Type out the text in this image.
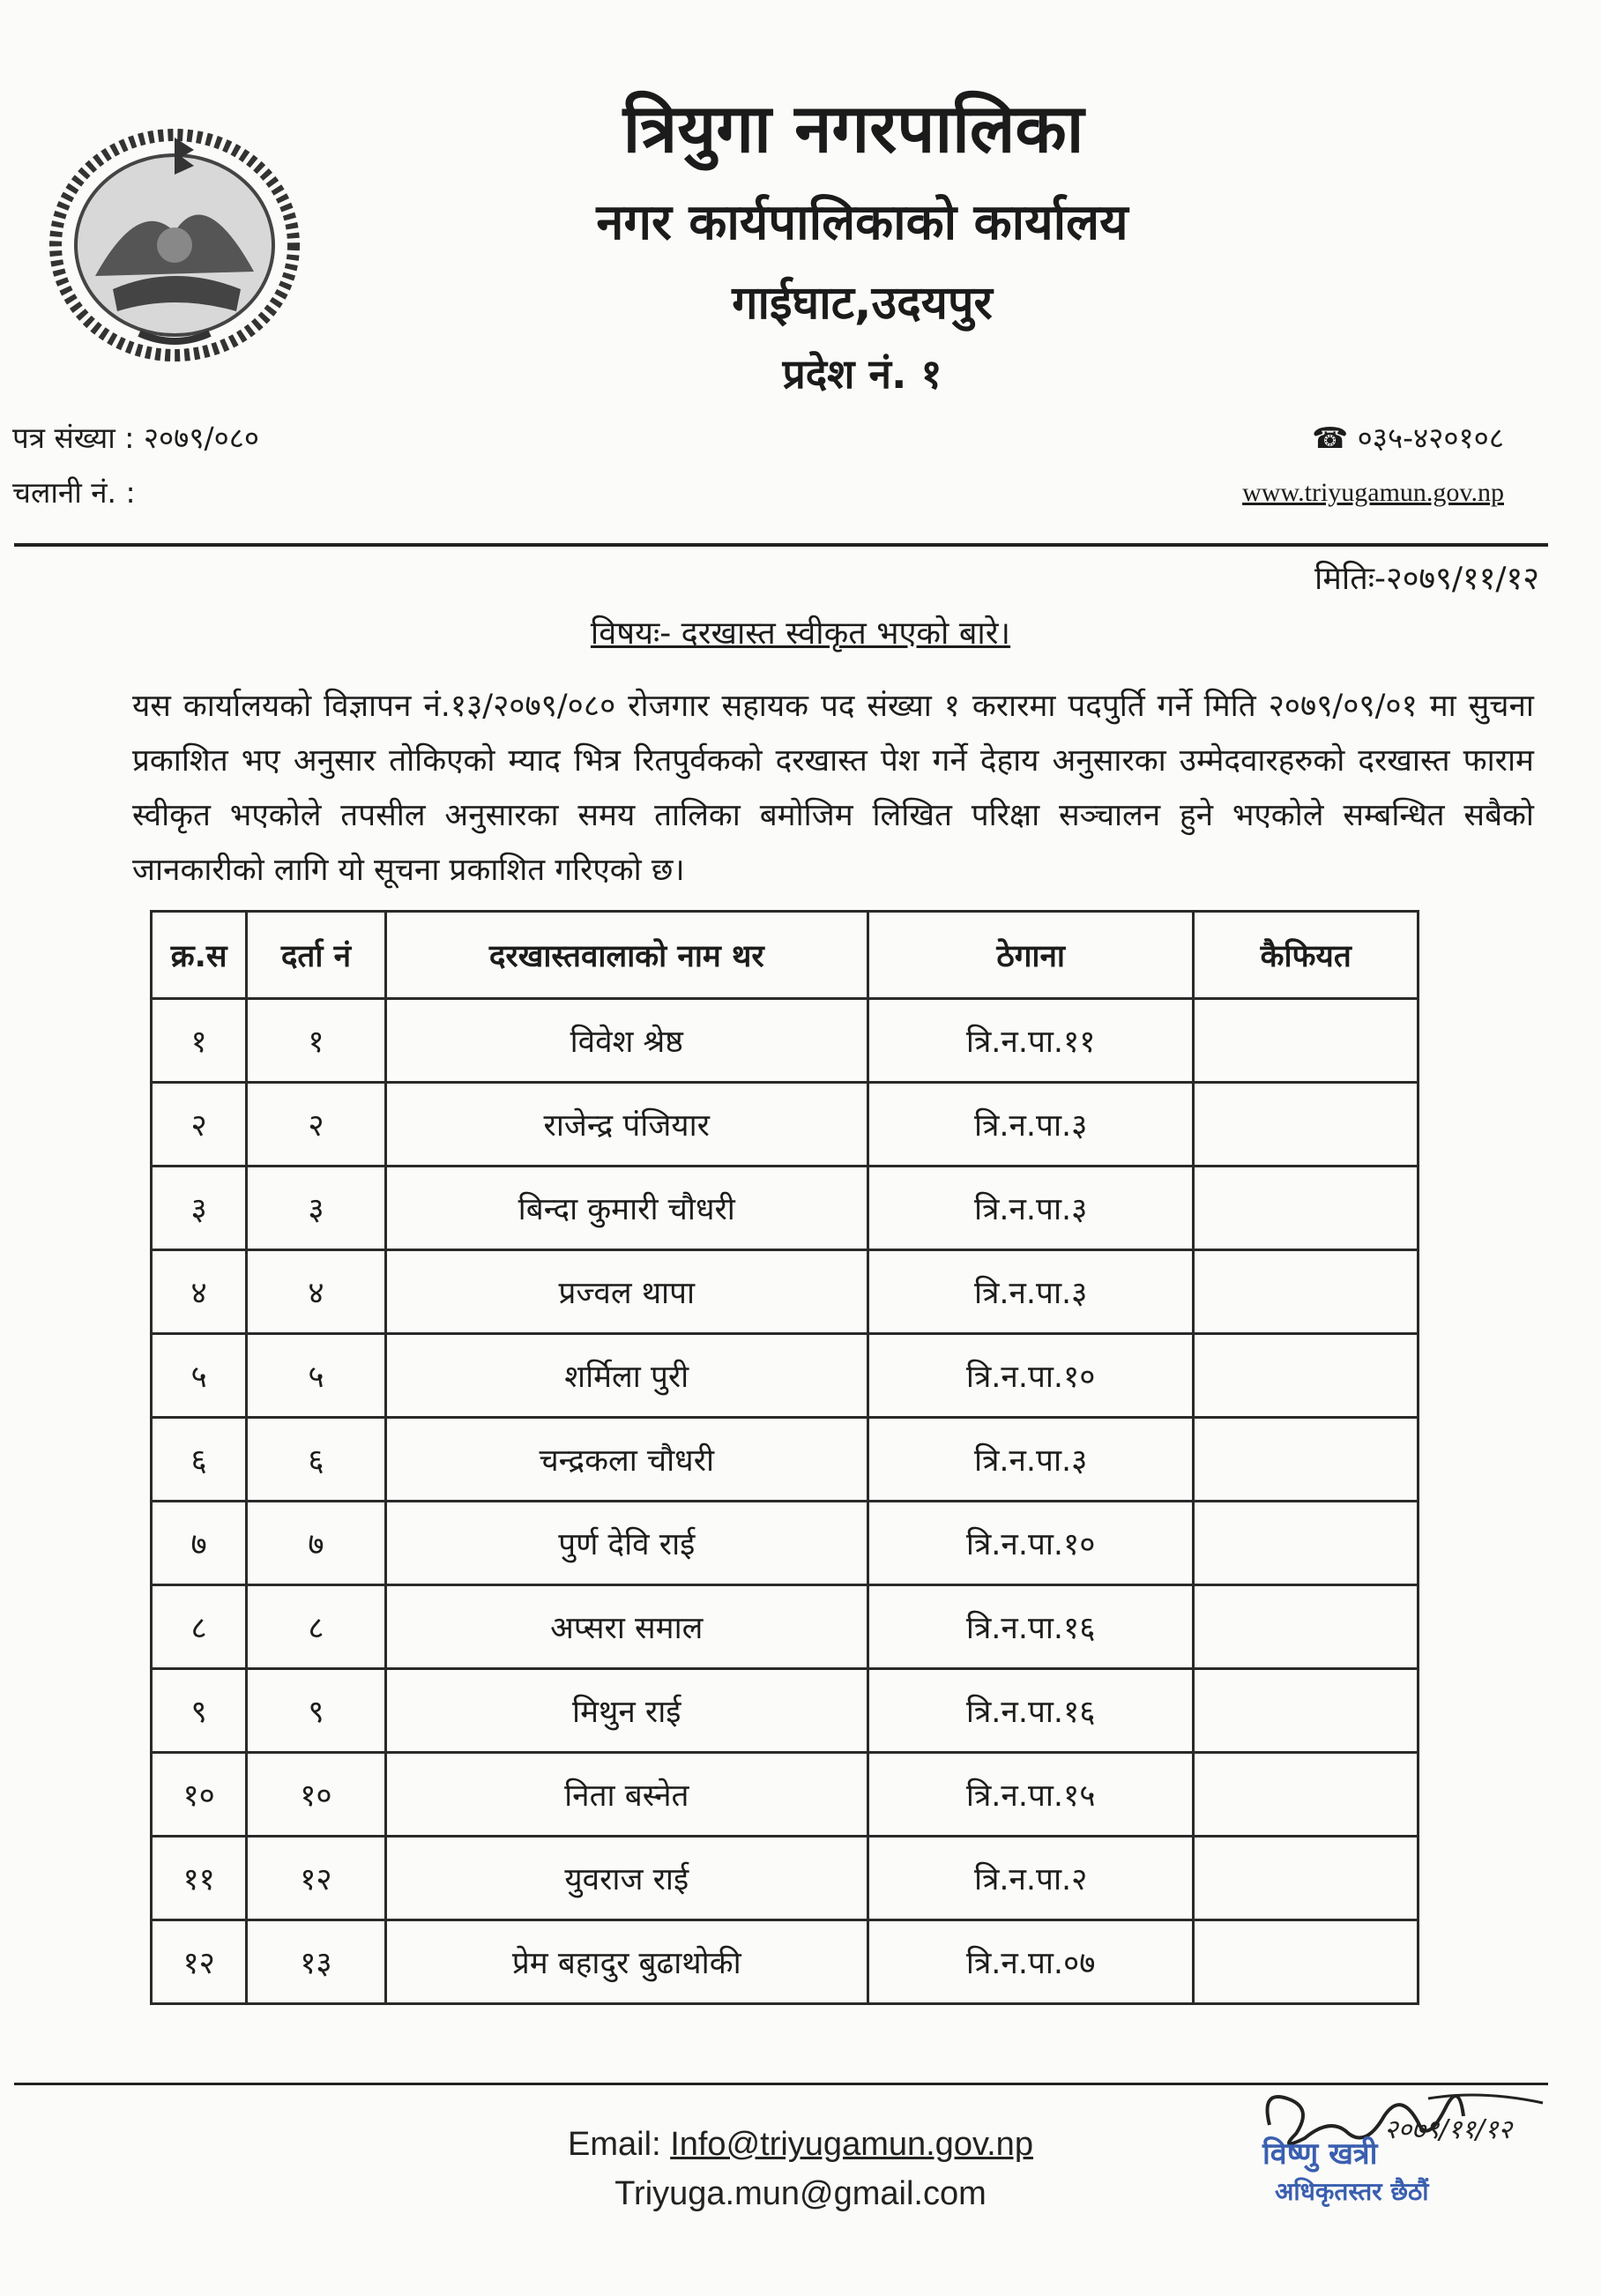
त्रियुगा नगरपालिका
नगर कार्यपालिकाको कार्यालय
गाईघाट,उदयपुर
प्रदेश नं. १
पत्र संख्या : २०७९/०८०
चलानी नं. :
☎ ०३५-४२०१०८
www.triyugamun.gov.np
मितिः-२०७९/११/१२
विषयः- दरखास्त स्वीकृत भएको बारे।
यस कार्यालयको विज्ञापन नं.१३/२०७९/०८० रोजगार सहायक पद संख्या १ करारमा पदपुर्ति गर्ने मिति २०७९/०९/०१ मा सुचना प्रकाशित भए अनुसार तोकिएको म्याद भित्र रितपुर्वकको दरखास्त पेश गर्ने देहाय अनुसारका उम्मेदवारहरुको दरखास्त फाराम स्वीकृत भएकोले तपसील अनुसारका समय तालिका बमोजिम लिखित परिक्षा सञ्चालन हुने भएकोले सम्बन्धित सबैको जानकारीको लागि यो सूचना प्रकाशित गरिएको छ।
क्र.स	दर्ता नं	दरखास्तवालाको नाम थर	ठेगाना	कैफियत
१	१	विवेश श्रेष्ठ	त्रि.न.पा.११	
२	२	राजेन्द्र पंजियार	त्रि.न.पा.३	
३	३	बिन्दा कुमारी चौधरी	त्रि.न.पा.३	
४	४	प्रज्वल थापा	त्रि.न.पा.३	
५	५	शर्मिला पुरी	त्रि.न.पा.१०	
६	६	चन्द्रकला चौधरी	त्रि.न.पा.३	
७	७	पुर्ण देवि राई	त्रि.न.पा.१०	
८	८	अप्सरा समाल	त्रि.न.पा.१६	
९	९	मिथुन राई	त्रि.न.पा.१६	
१०	१०	निता बस्नेत	त्रि.न.पा.१५	
११	१२	युवराज राई	त्रि.न.पा.२	
१२	१३	प्रेम बहादुर बुढाथोकी	त्रि.न.पा.०७	
Email: Info@triyugamun.gov.np
Triyuga.mun@gmail.com
२०७९/११/१२
विष्णु खत्री
अधिकृतस्तर छैठौं
